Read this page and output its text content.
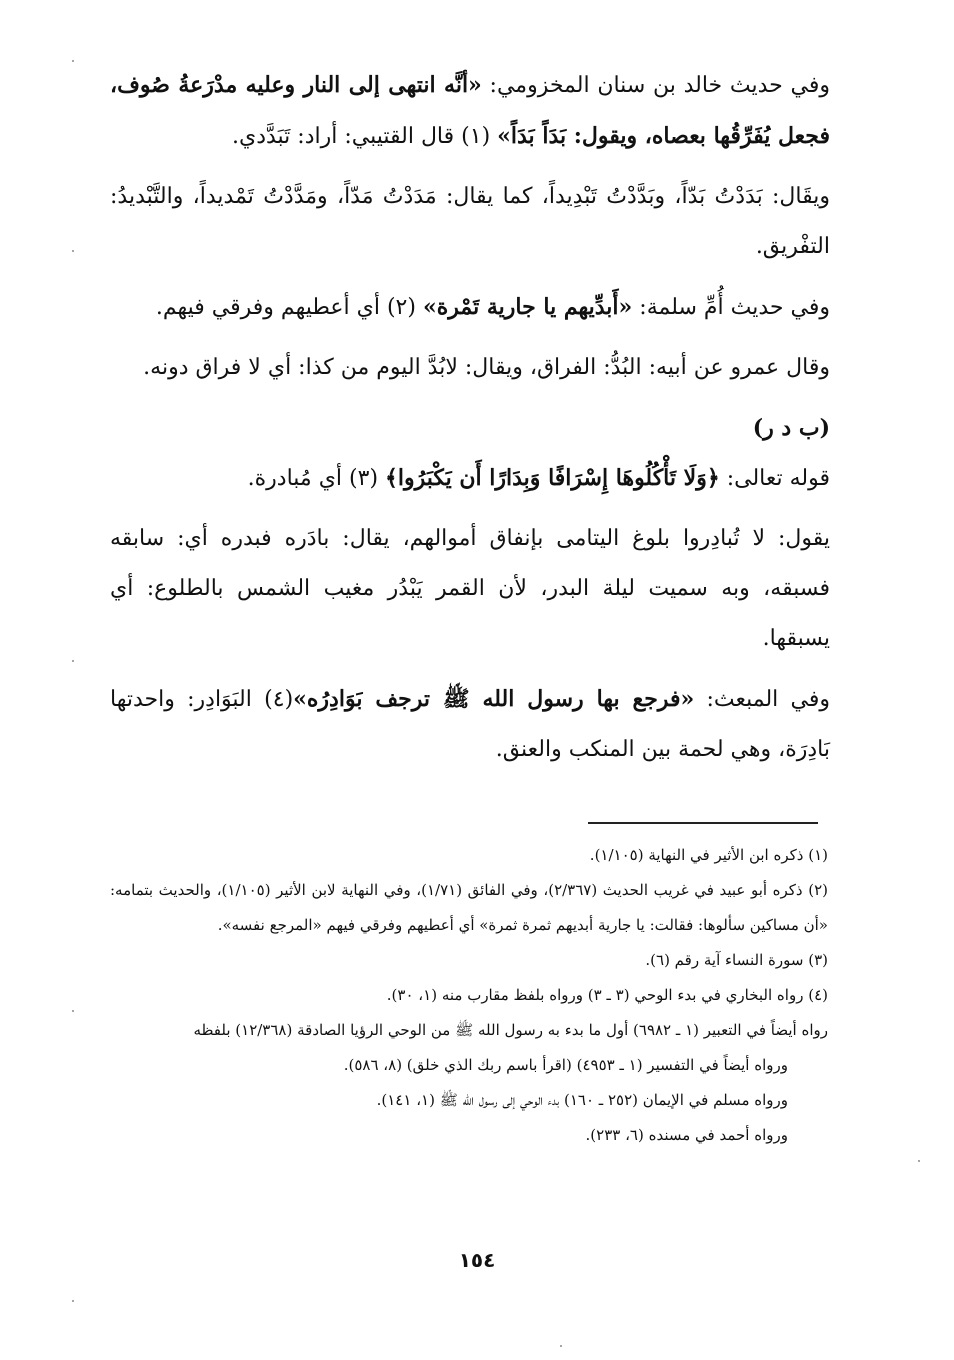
وفي حديث خالد بن سنان المخزومي: «أنَّه انتهى إلى النار وعليه مدْرَعةُ صُوف، فجعل يُفَرِّقُها بعصاه، ويقول: بَدَاً بَدَاً» (١) قال القتيبي: أراد: تَبَدَّدي.

ويقَال: بَدَدْتُ بَدّاً، وبَدَّدْتُ تَبْدِيداً، كما يقال: مَدَدْتُ مَدّاً، ومَدَّدْتُ تَمْديداً، والتَّبْديدُ: التفْريق.

وفي حديث أُمِّ سلمة: «أَبدِّيهم يا جارية تَمْرة» (٢) أي أعطيهم وفرقي فيهم.

وقال عمرو عن أبيه: البُدُّ: الفراق، ويقال: لابُدَّ اليوم من كذا: أي لا فراق دونه.

(ب د ر)

قوله تعالى: ﴿وَلَا تَأْكُلُوهَا إِسْرَافًا وَبِدَارًا أَن يَكْبَرُوا﴾ (٣) أي مُبادرة.

يقول: لا تُبادِروا بلوغ اليتامى بإنفاق أموالهم، يقال: بادَره فبدره أي: سابقه فسبقه، وبه سميت ليلة البدر، لأن القمر يَبْدُر مغيب الشمس بالطلوع: أي يسبقها.

وفي المبعث: «فرجع بها رسول الله ﷺ ترجف بَوَادِرُه»(٤) البَوَادِر: واحدتها بَادِرَة، وهي لحمة بين المنكب والعنق.

(١) ذكره ابن الأثير في النهاية (١/١٠٥).

(٢) ذكره أبو عبيد في غريب الحديث (٢/٣٦٧)، وفي الفائق (١/٧١)، وفي النهاية لابن الأثير (١/١٠٥)، والحديث بتمامه: «أن مساكين سألوها: فقالت: يا جارية أبديهم ثمرة ثمرة» أي أعطيهم وفرقي فيهم «المرجع نفسه».

(٣) سورة النساء آية رقم (٦).

(٤) رواه البخاري في بدء الوحي (٣ ـ ٣) ورواه بلفظ مقارب منه (١، ٣٠).

رواه أيضاً في التعبير (١ ـ ٦٩٨٢) أول ما بدء به رسول الله ﷺ من الوحي الرؤيا الصادقة (١٢/٣٦٨) بلفظه

ورواه أيضاً في التفسير (١ ـ ٤٩٥٣) (اقرأ باسم ربك الذي خلق) (٨، ٥٨٦).

ورواه مسلم في الإيمان (٢٥٢ ـ ١٦٠) بدء الوحي إلى رسول الله ﷺ (١، ١٤١).

ورواه أحمد في مسنده (٦، ٢٣٣).

١٥٤
